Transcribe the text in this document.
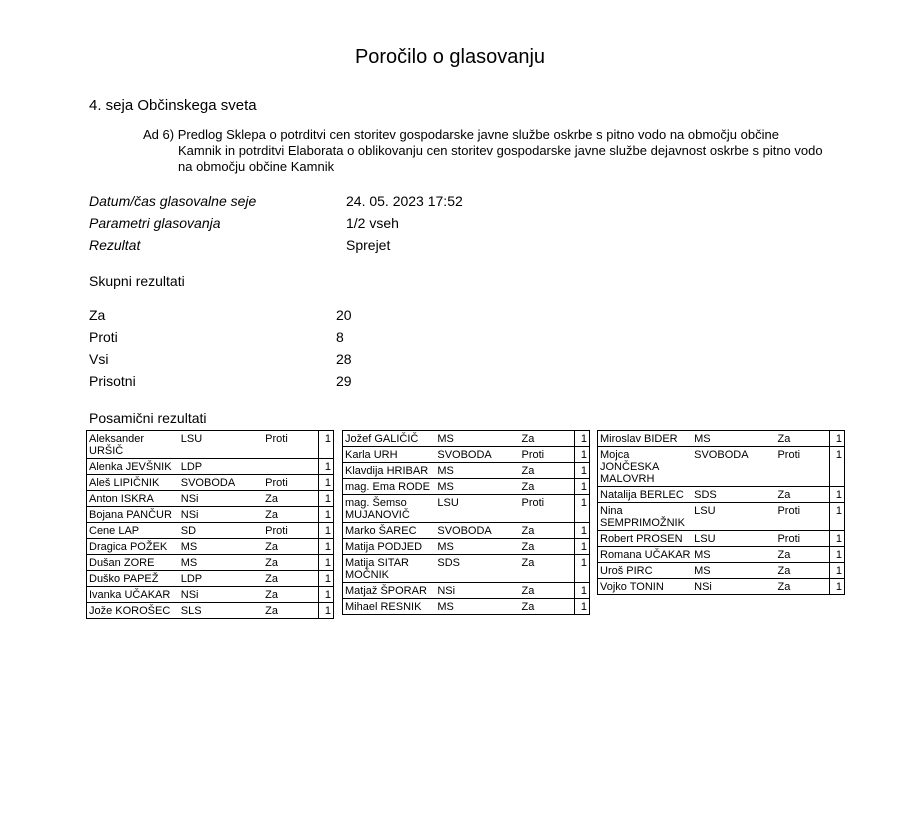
Poročilo o glasovanju
4. seja Občinskega sveta
Ad 6) Predlog Sklepa o potrditvi cen storitev gospodarske javne službe oskrbe s pitno vodo na območju občine
Kamnik in potrditvi Elaborata o oblikovanju cen storitev gospodarske javne službe dejavnost oskrbe s pitno vodo na območju občine Kamnik
Datum/čas glasovalne seje	24. 05. 2023 17:52
Parametri glasovanja	1/2 vseh
Rezultat	Sprejet
Skupni rezultati
Za	20
Proti	8
Vsi	28
Prisotni	29
Posamični rezultati
Aleksander URŠIČ	LSU	Proti	1
Alenka JEVŠNIK	LDP		1
Aleš LIPIČNIK	SVOBODA	Proti	1
Anton ISKRA	NSi	Za	1
Bojana PANČUR	NSi	Za	1
Cene LAP	SD	Proti	1
Dragica POŽEK	MS	Za	1
Dušan ZORE	MS	Za	1
Duško PAPEŽ	LDP	Za	1
Ivanka UČAKAR	NSi	Za	1
Jože KOROŠEC	SLS	Za	1
Jožef GALIČIČ	MS	Za	1
Karla URH	SVOBODA	Proti	1
Klavdija HRIBAR	MS	Za	1
mag. Ema RODE	MS	Za	1
mag. Šemso MUJANOVIČ	LSU	Proti	1
Marko ŠAREC	SVOBODA	Za	1
Matija PODJED	MS	Za	1
Matija SITAR MOČNIK	SDS	Za	1
Matjaž ŠPORAR	NSi	Za	1
Mihael RESNIK	MS	Za	1
Miroslav BIDER	MS	Za	1
Mojca JONČESKA MALOVRH	SVOBODA	Proti	1
Natalija BERLEC	SDS	Za	1
Nina SEMPRIMOŽNIK	LSU	Proti	1
Robert PROSEN	LSU	Proti	1
Romana UČAKAR	MS	Za	1
Uroš PIRC	MS	Za	1
Vojko TONIN	NSi	Za	1
